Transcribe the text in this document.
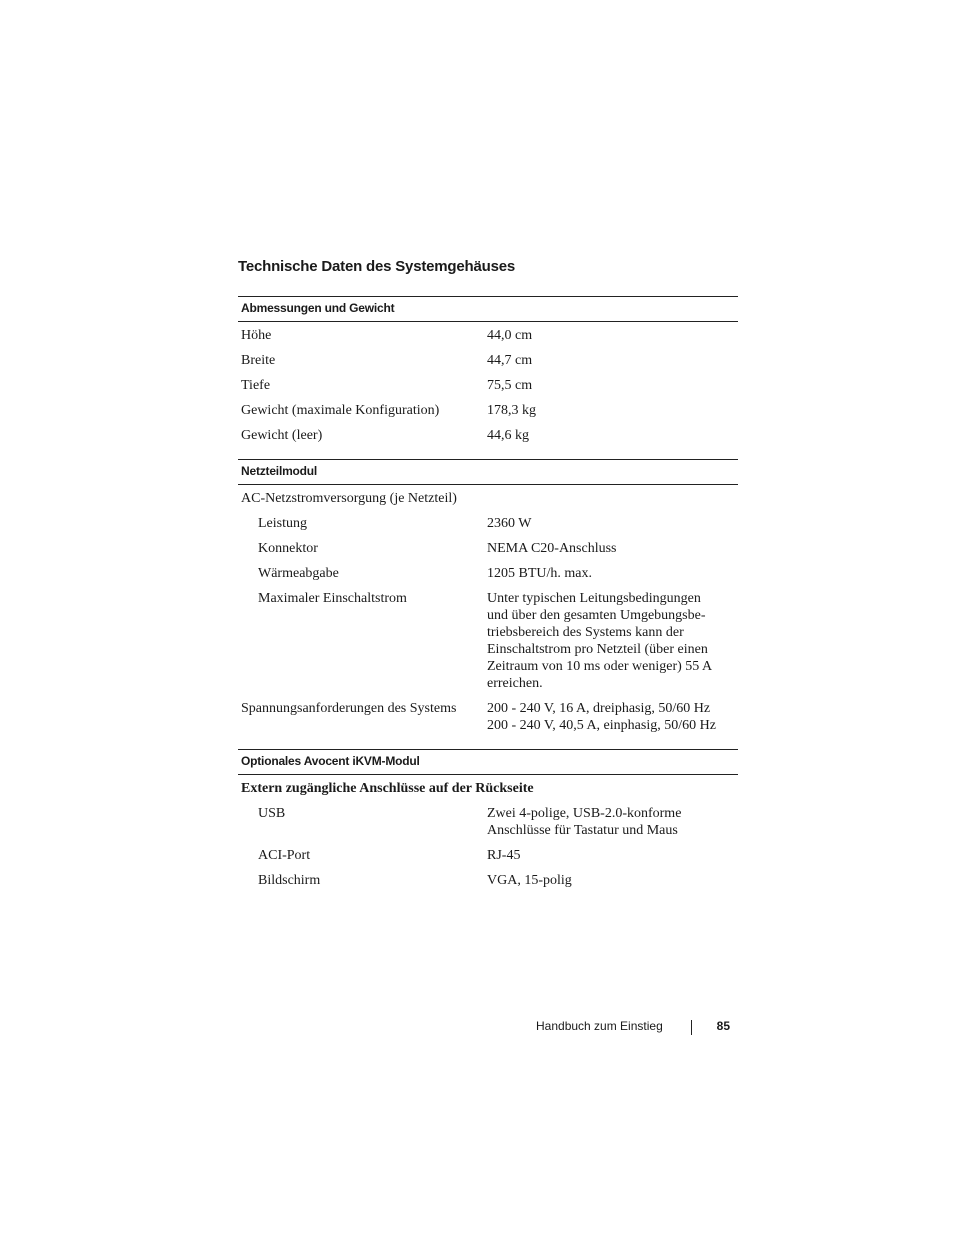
Technische Daten des Systemgehäuses
Abmessungen und Gewicht
Höhe	44,0 cm
Breite	44,7 cm
Tiefe	75,5 cm
Gewicht (maximale Konfiguration)	178,3 kg
Gewicht (leer)	44,6 kg
Netzteilmodul
AC-Netzstromversorgung (je Netzteil)
Leistung	2360 W
Konnektor	NEMA C20-Anschluss
Wärmeabgabe	1205 BTU/h. max.
Maximaler Einschaltstrom	Unter typischen Leitungsbedingungen
und über den gesamten Umgebungsbe-
triebsbereich des Systems kann der
Einschaltstrom pro Netzteil (über einen
Zeitraum von 10 ms oder weniger) 55 A
erreichen.
Spannungsanforderungen des Systems	200 - 240 V, 16 A, dreiphasig, 50/60 Hz
200 - 240 V, 40,5 A, einphasig, 50/60 Hz
Optionales Avocent iKVM-Modul
Extern zugängliche Anschlüsse auf der Rückseite
USB	Zwei 4-polige, USB-2.0-konforme
Anschlüsse für Tastatur und Maus
ACI-Port	RJ-45
Bildschirm	VGA, 15-polig
Handbuch zum Einstieg	85
